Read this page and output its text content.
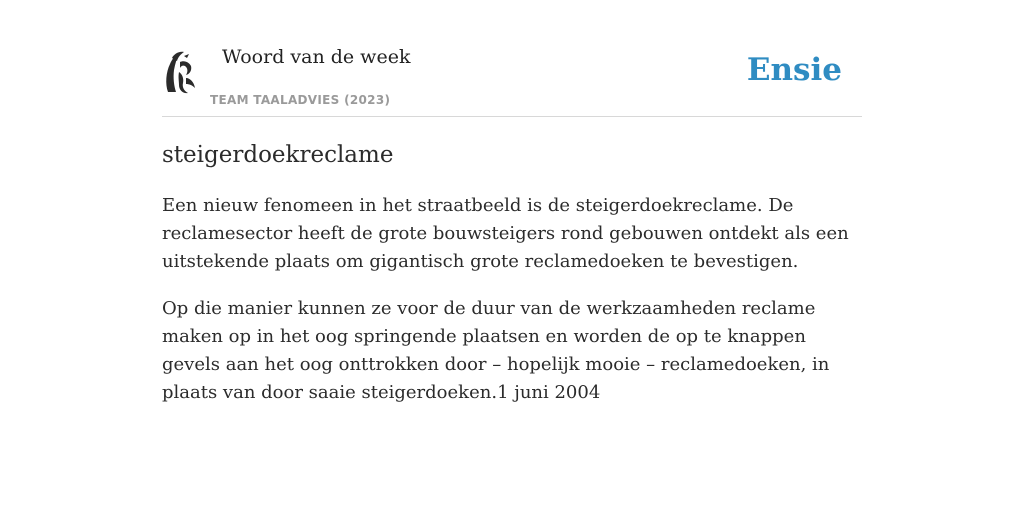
Woord van de week
TEAM TAALADVIES (2023)
Ensie
steigerdoekreclame

Een nieuw fenomeen in het straatbeeld is de steigerdoekreclame. De reclamesector heeft de grote bouwsteigers rond gebouwen ontdekt als een uitstekende plaats om gigantisch grote reclamedoeken te bevestigen.

Op die manier kunnen ze voor de duur van de werkzaamheden reclame maken op in het oog springende plaatsen en worden de op te knappen gevels aan het oog onttrokken door – hopelijk mooie – reclamedoeken, in plaats van door saaie steigerdoeken.1 juni 2004
